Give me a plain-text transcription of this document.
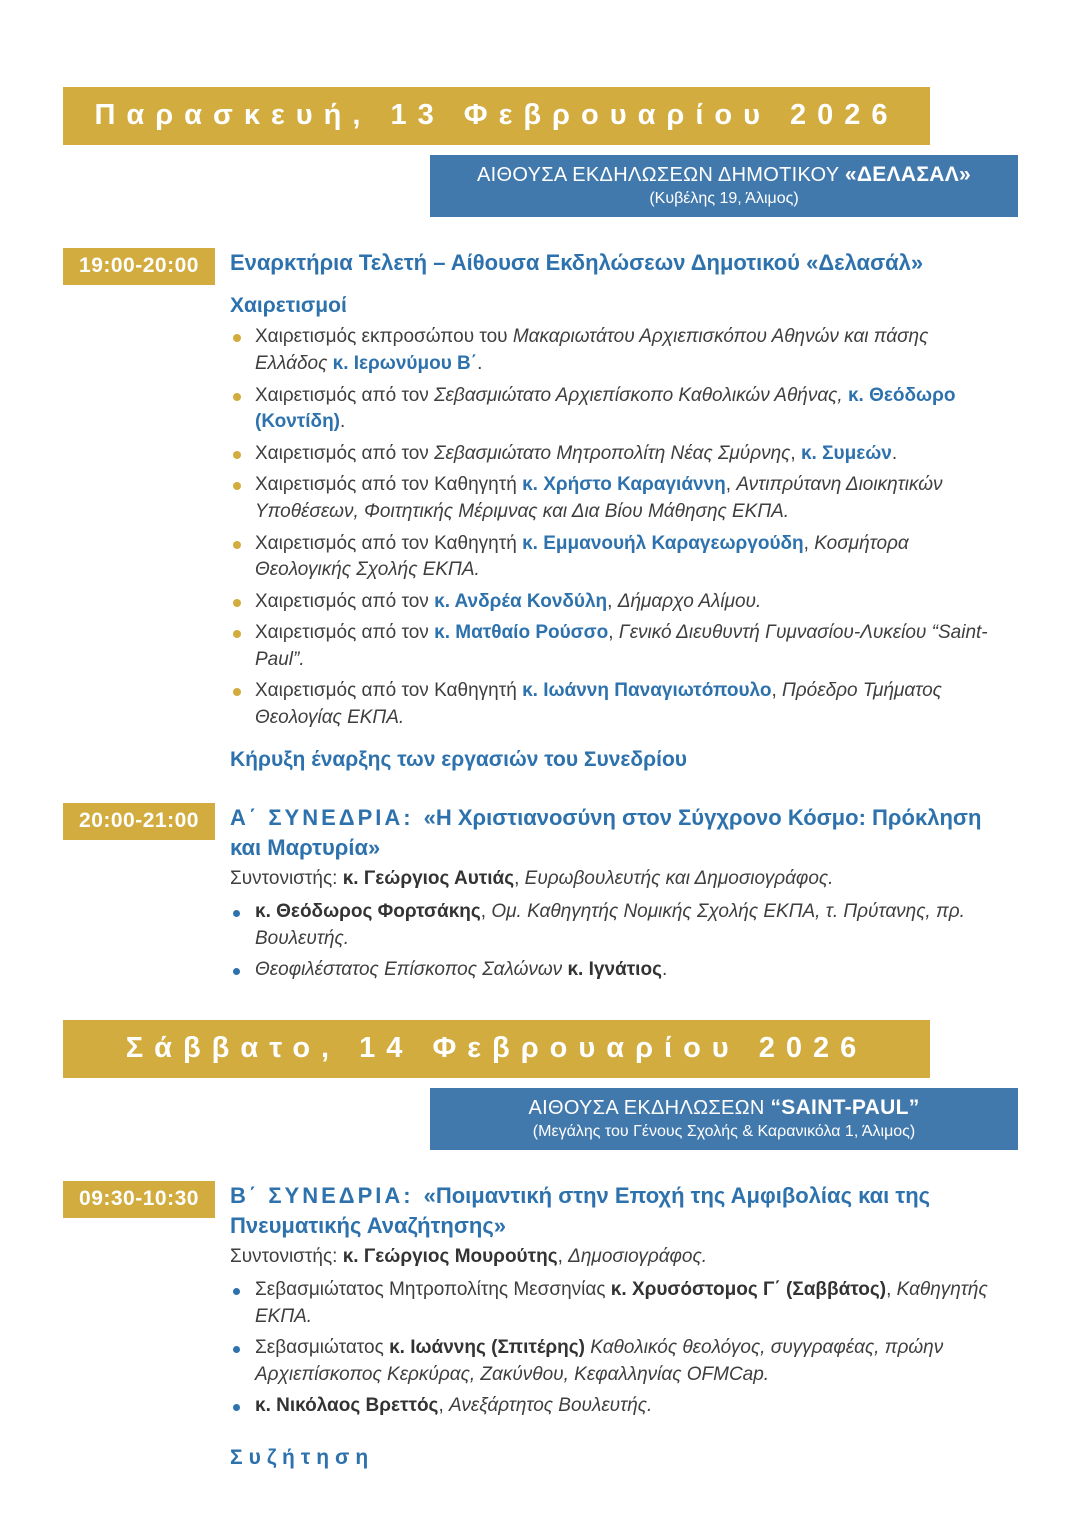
Παρασκευή, 13 Φεβρουαρίου 2026
ΑΙΘΟΥΣΑ ΕΚΔΗΛΩΣΕΩΝ ΔΗΜΟΤΙΚΟΥ «ΔΕΛΑΣΑΛ»
(Κυβέλης 19, Άλιμος)
19:00-20:00	Εναρκτήρια Τελετή – Αίθουσα Εκδηλώσεων Δημοτικού «Δελασάλ»
Χαιρετισμοί
Χαιρετισμός εκπροσώπου του Μακαριωτάτου Αρχιεπισκόπου Αθηνών και πάσης Ελλάδος κ. Ιερωνύμου Β΄.
Χαιρετισμός από τον Σεβασμιώτατο Αρχιεπίσκοπο Καθολικών Αθήνας, κ. Θεόδωρο (Κοντίδη).
Χαιρετισμός από τον Σεβασμιώτατο Μητροπολίτη Νέας Σμύρνης, κ. Συμεών.
Χαιρετισμός από τον Καθηγητή κ. Χρήστο Καραγιάννη, Αντιπρύτανη Διοικητικών Υποθέσεων, Φοιτητικής Μέριμνας και Δια Βίου Μάθησης ΕΚΠΑ.
Χαιρετισμός από τον Καθηγητή κ. Εμμανουήλ Καραγεωργούδη, Κοσμήτορα Θεολογικής Σχολής ΕΚΠΑ.
Χαιρετισμός από τον κ. Ανδρέα Κονδύλη, Δήμαρχο Αλίμου.
Χαιρετισμός από τον κ. Ματθαίο Ρούσσο, Γενικό Διευθυντή Γυμνασίου-Λυκείου “Saint-Paul”.
Χαιρετισμός από τον Καθηγητή κ. Ιωάννη Παναγιωτόπουλο, Πρόεδρο Τμήματος Θεολογίας ΕΚΠΑ.
Κήρυξη έναρξης των εργασιών του Συνεδρίου
20:00-21:00	Α΄ ΣΥΝΕΔΡΙΑ: «Η Χριστιανοσύνη στον Σύγχρονο Κόσμο: Πρόκληση και Μαρτυρία»
Συντονιστής: κ. Γεώργιος Αυτιάς, Ευρωβουλευτής και Δημοσιογράφος.
κ. Θεόδωρος Φορτσάκης, Ομ. Καθηγητής Νομικής Σχολής ΕΚΠΑ, τ. Πρύτανης, πρ. Βουλευτής.
Θεοφιλέστατος Επίσκοπος Σαλώνων κ. Ιγνάτιος.
Σάββατο, 14 Φεβρουαρίου 2026
ΑΙΘΟΥΣΑ ΕΚΔΗΛΩΣΕΩΝ “SAINT-PAUL”
(Μεγάλης του Γένους Σχολής & Καρανικόλα 1, Άλιμος)
09:30-10:30	Β΄ ΣΥΝΕΔΡΙΑ: «Ποιμαντική στην Εποχή της Αμφιβολίας και της Πνευματικής Αναζήτησης»
Συντονιστής: κ. Γεώργιος Μουρούτης, Δημοσιογράφος.
Σεβασμιώτατος Μητροπολίτης Μεσσηνίας κ. Χρυσόστομος Γ΄ (Σαββάτος), Καθηγητής ΕΚΠΑ.
Σεβασμιώτατος κ. Ιωάννης (Σπιτέρης) Καθολικός θεολόγος, συγγραφέας, πρώην Αρχιεπίσκοπος Κερκύρας, Ζακύνθου, Κεφαλληνίας OFMCap.
κ. Νικόλαος Βρεττός, Ανεξάρτητος Βουλευτής.
Συζήτηση
